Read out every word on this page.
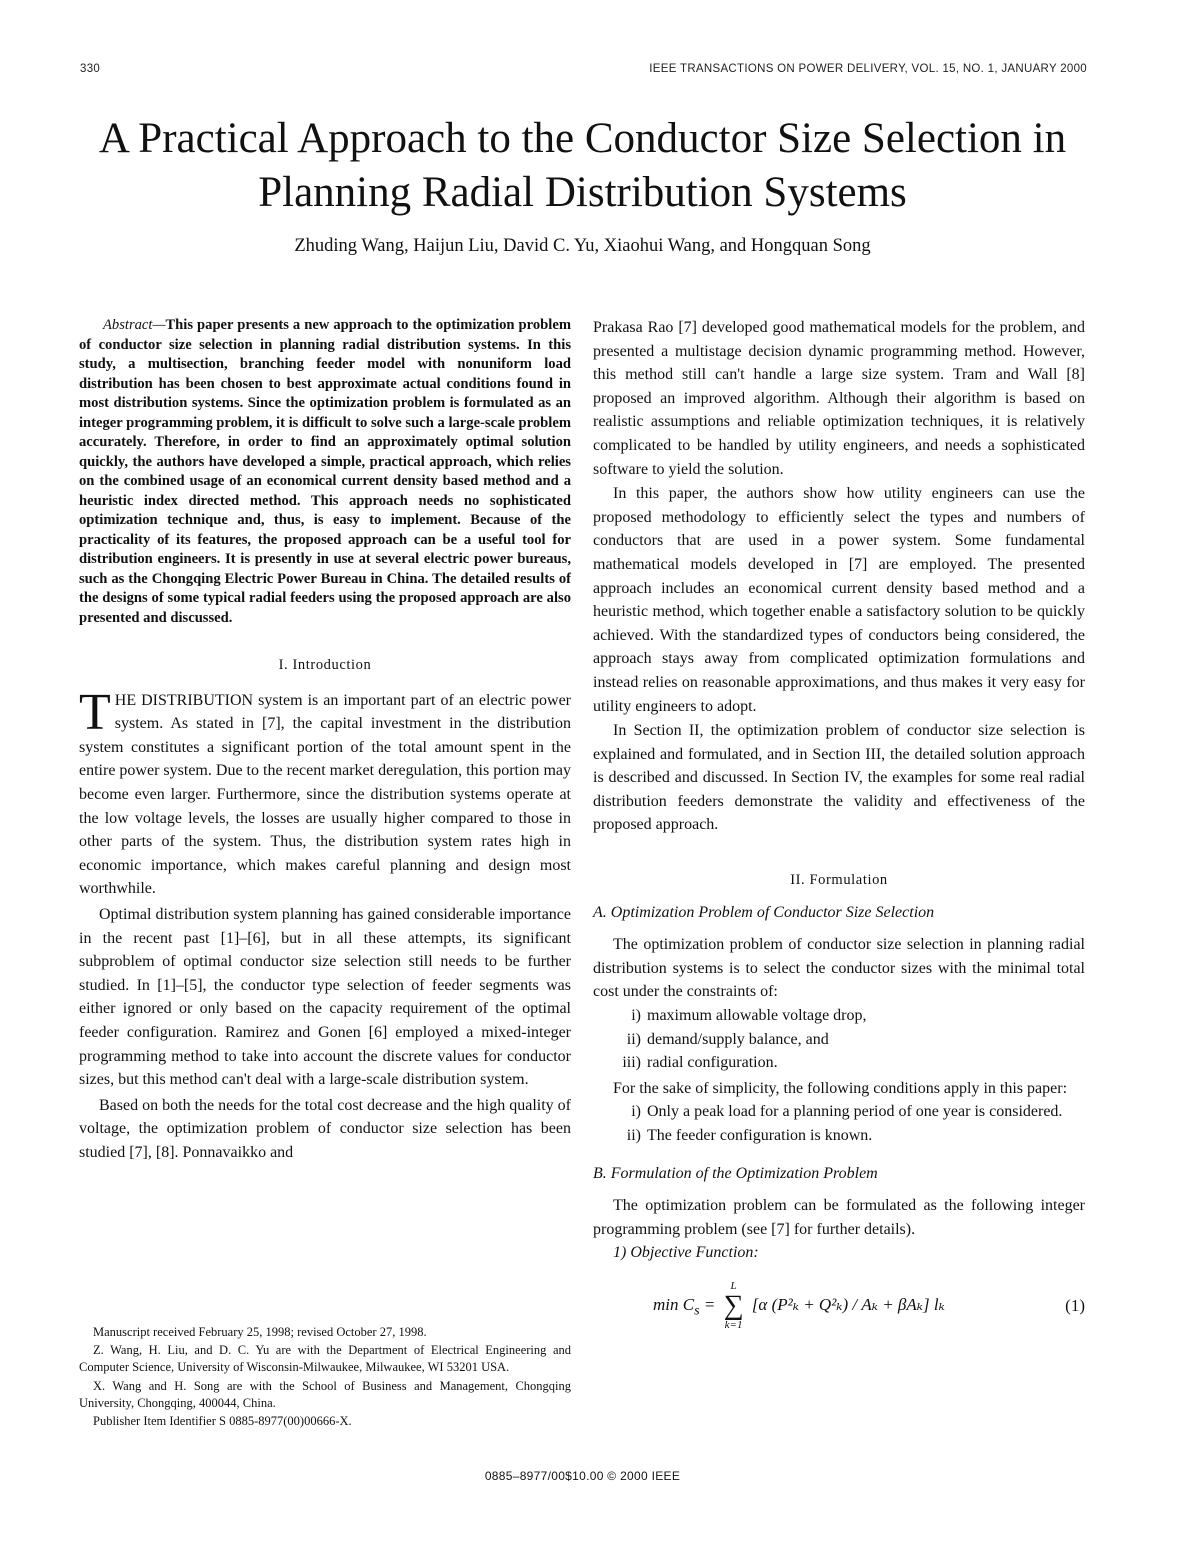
330	IEEE TRANSACTIONS ON POWER DELIVERY, VOL. 15, NO. 1, JANUARY 2000
A Practical Approach to the Conductor Size Selection in Planning Radial Distribution Systems
Zhuding Wang, Haijun Liu, David C. Yu, Xiaohui Wang, and Hongquan Song

Abstract—This paper presents a new approach to the optimization problem of conductor size selection in planning radial distribution systems. In this study, a multisection, branching feeder model with nonuniform load distribution has been chosen to best approximate actual conditions found in most distribution systems. Since the optimization problem is formulated as an integer programming problem, it is difficult to solve such a large-scale problem accurately. Therefore, in order to find an approximately optimal solution quickly, the authors have developed a simple, practical approach, which relies on the combined usage of an economical current density based method and a heuristic index directed method. This approach needs no sophisticated optimization technique and, thus, is easy to implement. Because of the practicality of its features, the proposed approach can be a useful tool for distribution engineers. It is presently in use at several electric power bureaus, such as the Chongqing Electric Power Bureau in China. The detailed results of the designs of some typical radial feeders using the proposed approach are also presented and discussed.

I. Introduction

THE DISTRIBUTION system is an important part of an electric power system. As stated in [7], the capital investment in the distribution system constitutes a significant portion of the total amount spent in the entire power system. Due to the recent market deregulation, this portion may become even larger. Furthermore, since the distribution systems operate at the low voltage levels, the losses are usually higher compared to those in other parts of the system. Thus, the distribution system rates high in economic importance, which makes careful planning and design most worthwhile.

Optimal distribution system planning has gained considerable importance in the recent past [1]–[6], but in all these attempts, its significant subproblem of optimal conductor size selection still needs to be further studied. In [1]–[5], the conductor type selection of feeder segments was either ignored or only based on the capacity requirement of the optimal feeder configuration. Ramirez and Gonen [6] employed a mixed-integer programming method to take into account the discrete values for conductor sizes, but this method can't deal with a large-scale distribution system.

Based on both the needs for the total cost decrease and the high quality of voltage, the optimization problem of conductor size selection has been studied [7], [8]. Ponnavaikko and

Manuscript received February 25, 1998; revised October 27, 1998.

Z. Wang, H. Liu, and D. C. Yu are with the Department of Electrical Engineering and Computer Science, University of Wisconsin-Milwaukee, Milwaukee, WI 53201 USA.

X. Wang and H. Song are with the School of Business and Management, Chongqing University, Chongqing, 400044, China.

Publisher Item Identifier S 0885-8977(00)00666-X.

Prakasa Rao [7] developed good mathematical models for the problem, and presented a multistage decision dynamic programming method. However, this method still can't handle a large size system. Tram and Wall [8] proposed an improved algorithm. Although their algorithm is based on realistic assumptions and reliable optimization techniques, it is relatively complicated to be handled by utility engineers, and needs a sophisticated software to yield the solution.

In this paper, the authors show how utility engineers can use the proposed methodology to efficiently select the types and numbers of conductors that are used in a power system. Some fundamental mathematical models developed in [7] are employed. The presented approach includes an economical current density based method and a heuristic method, which together enable a satisfactory solution to be quickly achieved. With the standardized types of conductors being considered, the approach stays away from complicated optimization formulations and instead relies on reasonable approximations, and thus makes it very easy for utility engineers to adopt.

In Section II, the optimization problem of conductor size selection is explained and formulated, and in Section III, the detailed solution approach is described and discussed. In Section IV, the examples for some real radial distribution feeders demonstrate the validity and effectiveness of the proposed approach.

II. Formulation

A. Optimization Problem of Conductor Size Selection

The optimization problem of conductor size selection in planning radial distribution systems is to select the conductor sizes with the minimal total cost under the constraints of:

i) maximum allowable voltage drop,
ii) demand/supply balance, and
iii) radial configuration.

For the sake of simplicity, the following conditions apply in this paper:

i) Only a peak load for a planning period of one year is considered.
ii) The feeder configuration is known.

B. Formulation of the Optimization Problem

The optimization problem can be formulated as the following integer programming problem (see [7] for further details).

1) Objective Function:

$\min C_s$ =
L
∑
k=1
[α (P²ₖ + Q²ₖ) / Aₖ + βAₖ] lₖ	(1)
0885–8977/00$10.00 © 2000 IEEE
